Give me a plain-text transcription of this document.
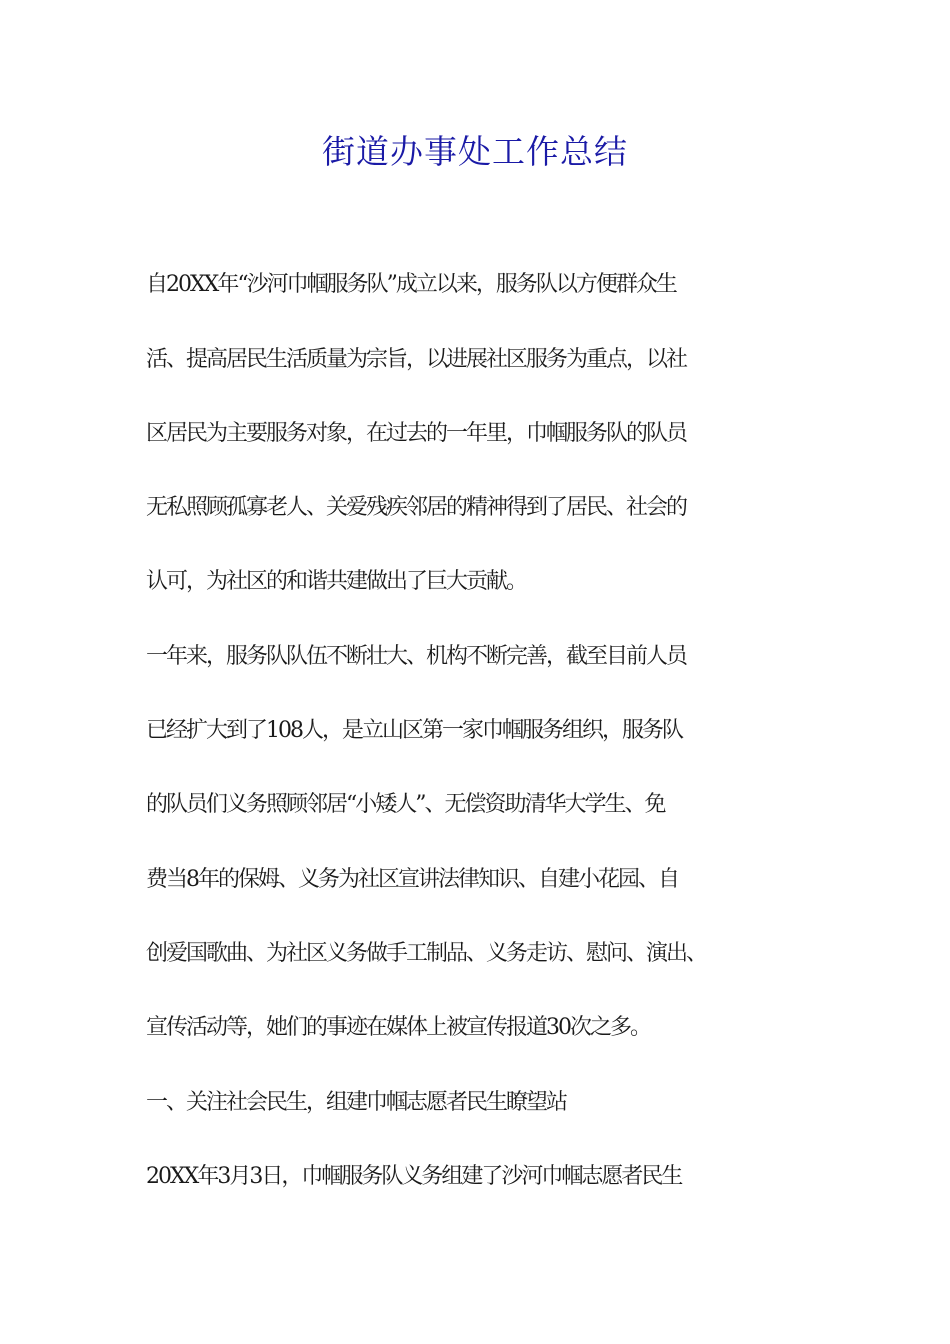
街道办事处工作总结
自20XX年“沙河巾帼服务队”成立以来，服务队以方便群众生
活、提高居民生活质量为宗旨，以进展社区服务为重点，以社
区居民为主要服务对象，在过去的一年里，巾帼服务队的队员
无私照顾孤寡老人、关爱残疾邻居的精神得到了居民、社会的
认可，为社区的和谐共建做出了巨大贡献。
一年来，服务队队伍不断壮大、机构不断完善，截至目前人员
已经扩大到了108人，是立山区第一家巾帼服务组织，服务队
的队员们义务照顾邻居“小矮人”、无偿资助清华大学生、免
费当8年的保姆、义务为社区宣讲法律知识、自建小花园、自
创爱国歌曲、为社区义务做手工制品、义务走访、慰问、演出、
宣传活动等，她们的事迹在媒体上被宣传报道30次之多。
一、关注社会民生，组建巾帼志愿者民生瞭望站
20XX年3月3日，巾帼服务队义务组建了沙河巾帼志愿者民生
